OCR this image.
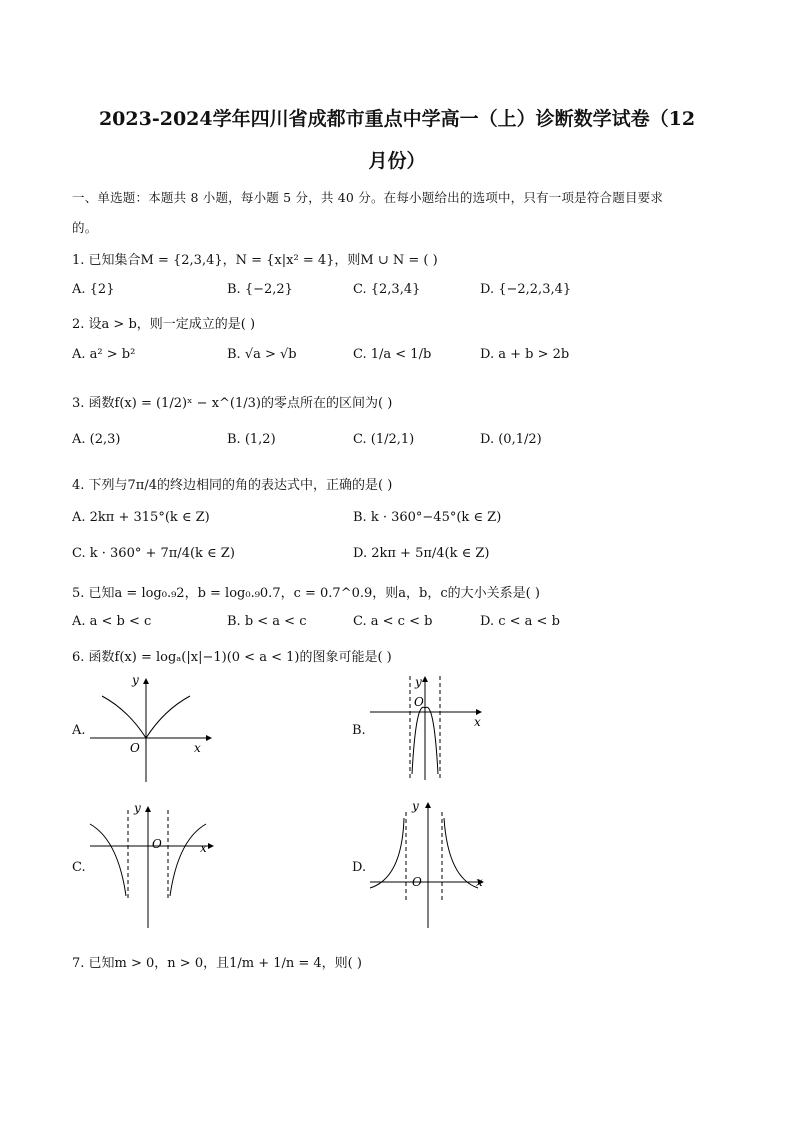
2023-2024学年四川省成都市重点中学高一（上）诊断数学试卷（12
月份）
一、单选题：本题共 8 小题，每小题 5 分，共 40 分。在每小题给出的选项中，只有一项是符合题目要求
的。
1. 已知集合M = {2,3,4}，N = {x|x² = 4}，则M ∪ N = ( )
A. {2}	B. {−2,2}	C. {2,3,4}	D. {−2,2,3,4}
2. 设a > b，则一定成立的是( )
A. a² > b²	B. √a > √b	C. 1/a < 1/b	D. a + b > 2b
3. 函数f(x) = (1/2)ˣ − x^(1/3)的零点所在的区间为( )
A. (2,3)	B. (1,2)	C. (1/2,1)	D. (0,1/2)
4. 下列与7π/4的终边相同的角的表达式中，正确的是( )
A. 2kπ + 315°(k ∈ Z)	B. k · 360°−45°(k ∈ Z)
C. k · 360° + 7π/4(k ∈ Z)	D. 2kπ + 5π/4(k ∈ Z)
5. 已知a = log₀.₉2，b = log₀.₉0.7，c = 0.7^0.9，则a，b，c的大小关系是( )
A. a < b < c	B. b < a < c	C. a < c < b	D. c < a < b
6. 函数f(x) = logₐ(|x|−1)(0 < a < 1)的图象可能是( )
A.
y
x
O
B.
y
x
O
C.
y
x
O
D.
y
x
O
7. 已知m > 0，n > 0，且1/m + 1/n = 4，则( )
